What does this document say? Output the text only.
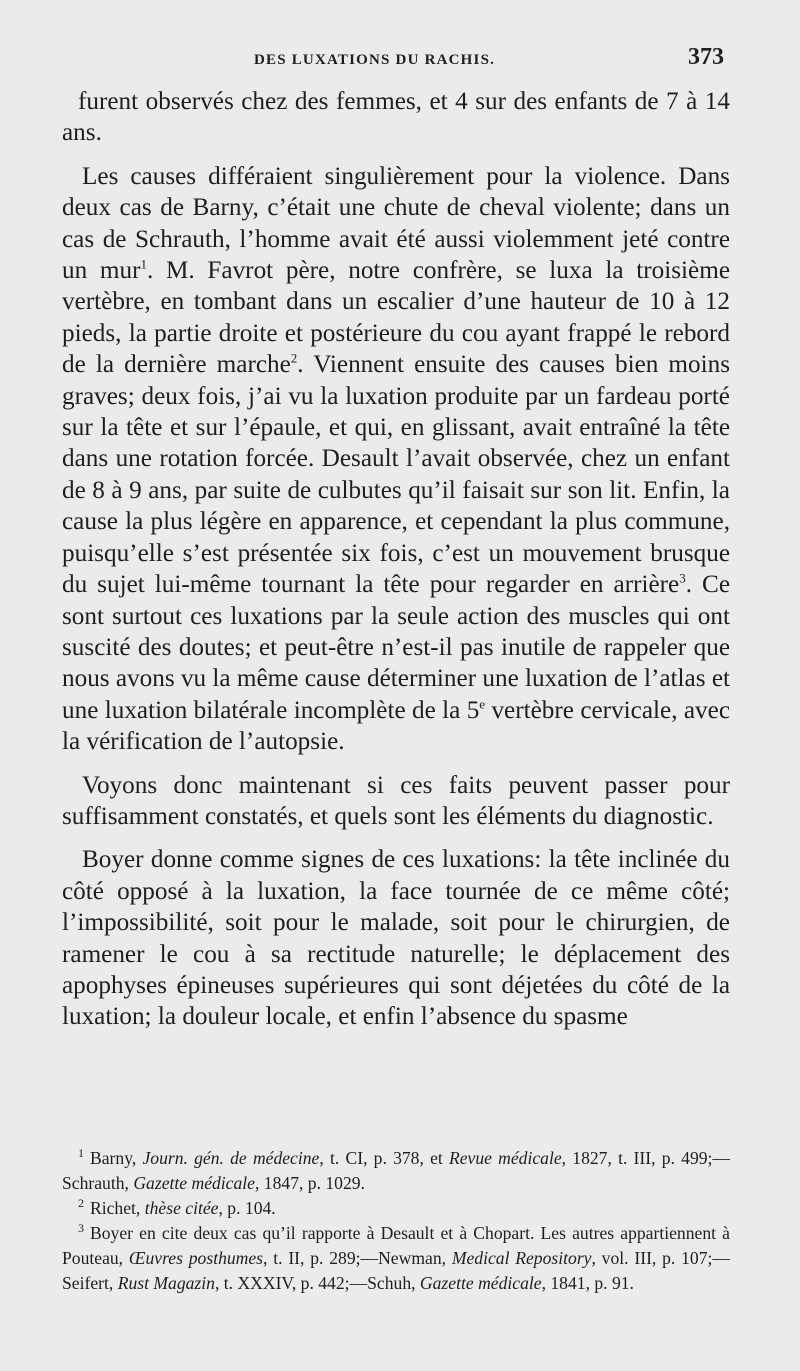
DES LUXATIONS DU RACHIS.	373

furent observés chez des femmes, et 4 sur des enfants de 7 à 14 ans.

Les causes différaient singulièrement pour la violence. Dans deux cas de Barny, c’était une chute de cheval violente; dans un cas de Schrauth, l’homme avait été aussi violemment jeté contre un mur$^1$. M. Favrot père, notre confrère, se luxa la troisième vertèbre, en tombant dans un escalier d’une hauteur de 10 à 12 pieds, la partie droite et postérieure du cou ayant frappé le rebord de la dernière marche$^2$. Viennent ensuite des causes bien moins graves; deux fois, j’ai vu la luxation produite par un fardeau porté sur la tête et sur l’épaule, et qui, en glissant, avait entraîné la tête dans une rotation forcée. Desault l’avait observée, chez un enfant de 8 à 9 ans, par suite de culbutes qu’il faisait sur son lit. Enfin, la cause la plus légère en apparence, et cependant la plus commune, puisqu’elle s’est présentée six fois, c’est un mouvement brusque du sujet lui-même tournant la tête pour regarder en arrière$^3$. Ce sont surtout ces luxations par la seule action des muscles qui ont suscité des doutes; et peut-être n’est-il pas inutile de rappeler que nous avons vu la même cause déterminer une luxation de l’atlas et une luxation bilatérale incomplète de la 5e vertèbre cervicale, avec la vérification de l’autopsie.

Voyons donc maintenant si ces faits peuvent passer pour suffisamment constatés, et quels sont les éléments du diagnostic.

Boyer donne comme signes de ces luxations: la tête inclinée du côté opposé à la luxation, la face tournée de ce même côté; l’impossibilité, soit pour le malade, soit pour le chirurgien, de ramener le cou à sa rectitude naturelle; le déplacement des apophyses épineuses supérieures qui sont déjetées du côté de la luxation; la douleur locale, et enfin l’absence du spasme

$^1$ Barny, Journ. gén. de médecine, t. CI, p. 378, et Revue médicale, 1827, t. III, p. 499;—Schrauth, Gazette médicale, 1847, p. 1029.

$^2$ Richet, thèse citée, p. 104.

$^3$ Boyer en cite deux cas qu’il rapporte à Desault et à Chopart. Les autres appartiennent à Pouteau, Œuvres posthumes, t. II, p. 289;—Newman, Medical Repository, vol. III, p. 107;— Seifert, Rust Magazin, t. XXXIV, p. 442;—Schuh, Gazette médicale, 1841, p. 91.
